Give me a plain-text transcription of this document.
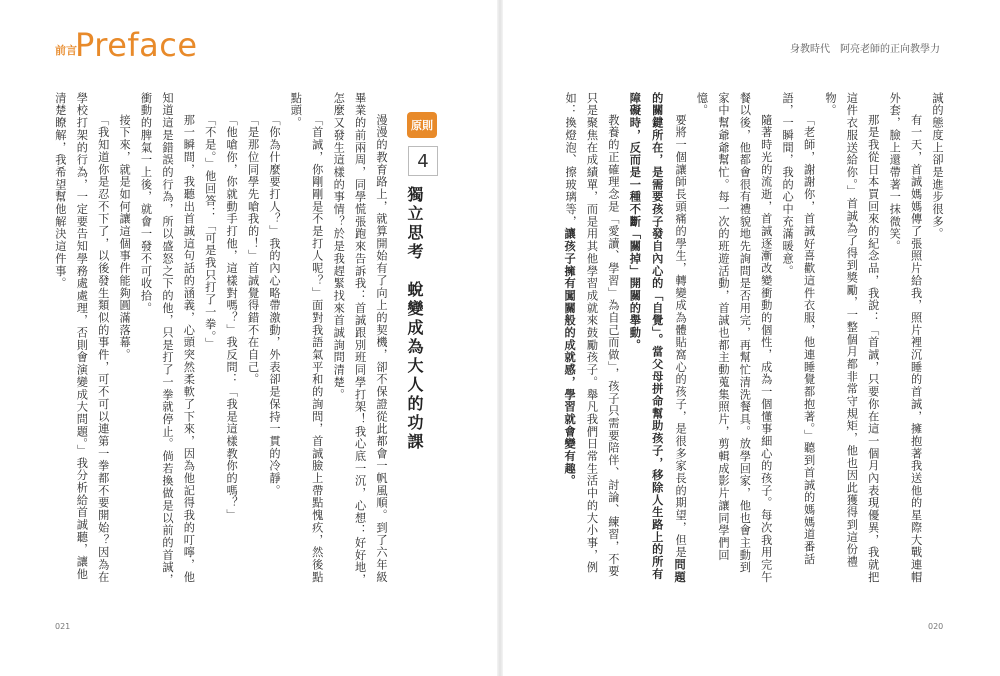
前言
Preface	身教時代　阿亮老師的正向教學力

誠的態度上卻是進步很多。

有一天，首誠媽媽傳了張照片給我，照片裡沉睡的首誠，擁抱著我送他的星際大戰連帽外套，臉上還帶著一抹微笑。

那是我從日本買回來的紀念品，我說：「首誠，只要你在這一個月內表現優異，我就把這件衣服送給你。」首誠為了得到獎勵，一整個月都非常守規矩，他也因此獲得到這份禮物。

「老師，謝謝你，首誠好喜歡這件衣服，他連睡覺都抱著。」聽到首誠的媽媽道番話語，一瞬間，我的心中充滿暖意。

隨著時光的流逝，首誠逐漸改變衝動的個性，成為一個懂事細心的孩子。每次我用完午餐以後，他都會很有禮貌地先詢問是否用完，再幫忙清洗餐具。放學回家，他也會主動到家中幫爺爺幫忙。每一次的班遊活動，首誠也都主動蒐集照片，剪輯成影片讓同學們回憶。

要將一個讓師長頭痛的學生，轉變成為體貼窩心的孩子，是很多家長的期望，但是問題的關鍵所在，是需要孩子發自內心的「自覺」。當父母拼命幫助孩子，移除人生路上的所有障礙時，反而是一種不斷「關掉」開關的舉動。

教養的正確理念是「愛讀、學習」為自己而做」，孩子只需要陪伴、討論、練習，不要只是聚焦在成績單，而是用其他學習成就來鼓勵孩子。舉凡我們日常生活中的大小事，例如：換燈泡、擦玻璃等，讓孩子擁有闖關般的成就感，學習就會變有趣。

原則
4
獨立思考　蛻變成為大人的功課

漫漫的教育路上，就算開始有了向上的契機，卻不保證從此都會一帆風順。到了六年級畢業的前兩周，同學慌張跑來告訴我：首誠跟別班同學打架！我心底一沉，心想：好好地，怎麼又發生這樣的事情？於是我趕緊找來首誠詢問清楚。

「首誠，你剛剛是不是打人呢？」面對我語氣平和的詢問，首誠臉上帶點愧疚，然後點點頭。

「你為什麼要打人？」我的內心略帶激動，外表卻是保持一貫的冷靜。

「是那位同學先嗆我的！」首誠覺得錯不在自己。

「他嗆你，你就動手打他，這樣對嗎？」我反問：「我是這樣教你的嗎？」

「不是。」他回答：「可是我只打了一拳。」

那一瞬間，我聽出首誠這句話的涵義，心頭突然柔軟了下來，因為他記得我的叮嚀，他知道這是錯誤的行為，所以盛怒之下的他，只是打了一拳就停止。倘若換做是以前的首誠，衝動的脾氣一上後，就會一發不可收拾。

接下來，就是如何讓這個事件能夠圓滿落幕。

「我知道你是忍不下了，以後發生類似的事件，可不可以連第一拳都不要開始？因為在學校打架的行為，一定要告知學務處處理，否則會演變成大問題。」我分析給首誠聽，讓他清楚瞭解，我希望幫他解決這件事。

021	020
